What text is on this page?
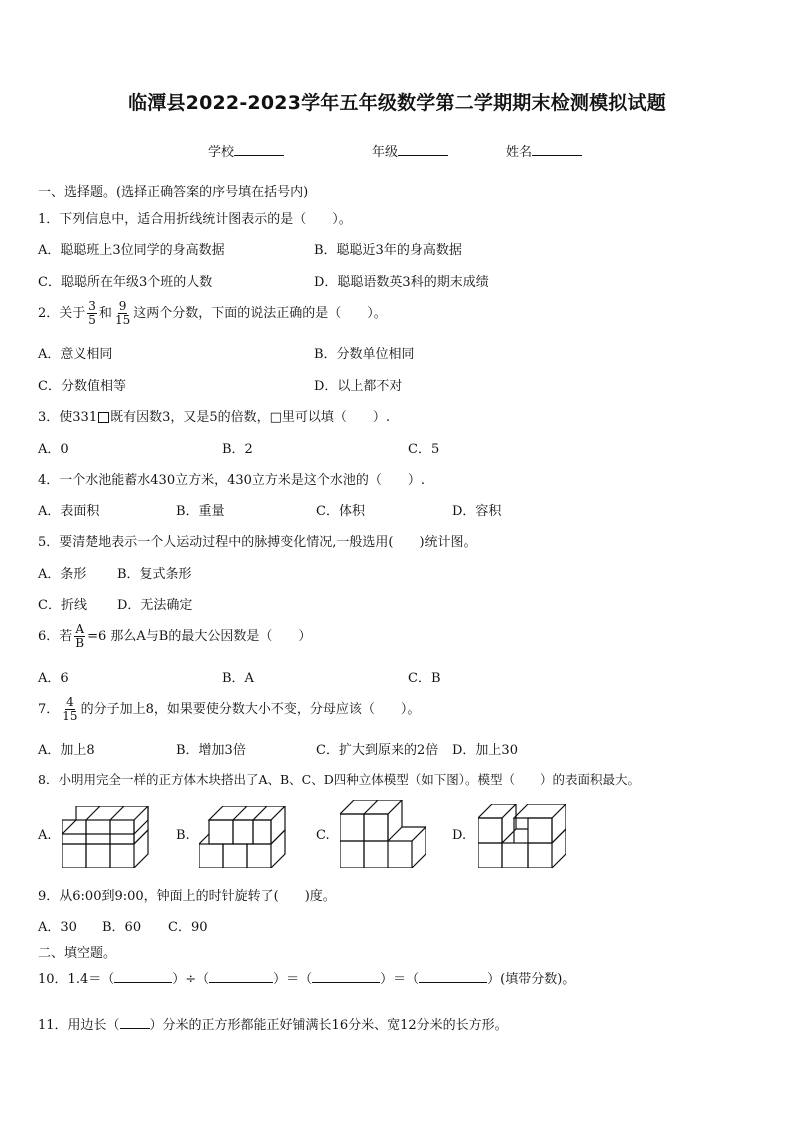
临潭县2022-2023学年五年级数学第二学期期末检测模拟试题
学校	年级	姓名
一、选择题。(选择正确答案的序号填在括号内)
1．下列信息中，适合用折线统计图表示的是（　　）。
A．聪聪班上3位同学的身高数据	B．聪聪近3年的身高数据
C．聪聪所在年级3个班的人数	D．聪聪语数英3科的期末成绩
2．关于 $\frac{3}{5}$ 和 $\frac{9}{15}$ 这两个分数，下面的说法正确的是（　　）。
A．意义相同	B．分数单位相同
C．分数值相等	D．以上都不对
3．使331 既有因数3，又是5的倍数，□里可以填（　　）.
A．0	B．2	C．5
4．一个水池能蓄水430立方米，430立方米是这个水池的（　　）.
A．表面积	B．重量	C．体积	D．容积
5．要清楚地表示一个人运动过程中的脉搏变化情况,一般选用(　　)统计图。
A．条形 B．复式条形
C．折线 D．无法确定
6．若 $\frac{A}{B} =6$ 那么A与B的最大公因数是（　　）
A．6	B．A	C．B
7． $\frac{4}{15}$ 的分子加上8，如果要使分数大小不变，分母应该（　　）。
A．加上8	B．增加3倍	C．扩大到原来的2倍 D．加上30
8．小明用完全一样的正方体木块搭出了A、B、C、D四种立体模型（如下图）。模型（　　）的表面积最大。
A.	B.	C.	D.
9．从6:00到9:00，钟面上的时针旋转了(　　)度。
A．30 B．60 C．90
二、填空题。
10．1.4＝（	）÷（	）＝（	）＝（	）(填带分数)。
11．用边长（ ）分米的正方形都能正好铺满长16分米、宽12分米的长方形。
